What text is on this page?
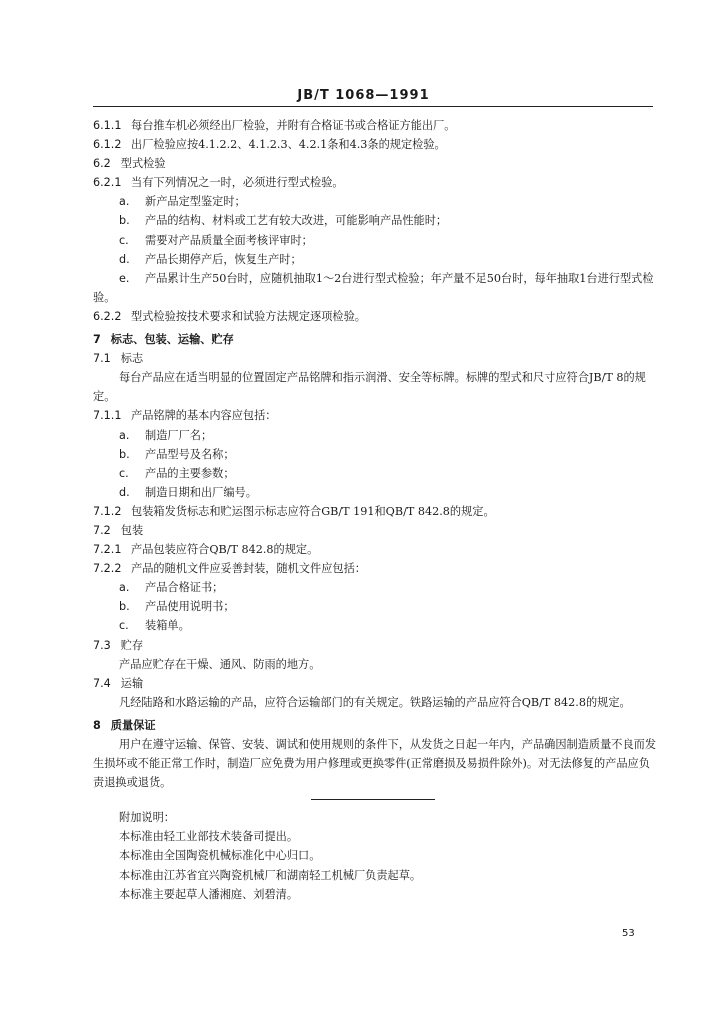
JB/T 1068—1991
6.1.1 每台推车机必须经出厂检验，并附有合格证书或合格证方能出厂。
6.1.2 出厂检验应按4.1.2.2、4.1.2.3、4.2.1条和4.3条的规定检验。
6.2 型式检验
6.2.1 当有下列情况之一时，必须进行型式检验。
a. 新产品定型鉴定时；
b. 产品的结构、材料或工艺有较大改进，可能影响产品性能时；
c. 需要对产品质量全面考核评审时；
d. 产品长期停产后，恢复生产时；
e. 产品累计生产50台时，应随机抽取1～2台进行型式检验；年产量不足50台时，每年抽取1台进行型式检验。
6.2.2 型式检验按技术要求和试验方法规定逐项检验。
7 标志、包装、运输、贮存
7.1 标志
每台产品应在适当明显的位置固定产品铭牌和指示润滑、安全等标牌。标牌的型式和尺寸应符合JB/T 8的规定。
7.1.1 产品铭牌的基本内容应包括：
a. 制造厂厂名；
b. 产品型号及名称；
c. 产品的主要参数；
d. 制造日期和出厂编号。
7.1.2 包装箱发货标志和贮运图示标志应符合GB/T 191和QB/T 842.8的规定。
7.2 包装
7.2.1 产品包装应符合QB/T 842.8的规定。
7.2.2 产品的随机文件应妥善封装，随机文件应包括：
a. 产品合格证书；
b. 产品使用说明书；
c. 装箱单。
7.3 贮存
产品应贮存在干燥、通风、防雨的地方。
7.4 运输
凡经陆路和水路运输的产品，应符合运输部门的有关规定。铁路运输的产品应符合QB/T 842.8的规定。
8 质量保证
用户在遵守运输、保管、安装、调试和使用规则的条件下，从发货之日起一年内，产品确因制造质量不良而发生损坏或不能正常工作时，制造厂应免费为用户修理或更换零件(正常磨损及易损件除外)。对无法修复的产品应负责退换或退货。
附加说明：
本标准由轻工业部技术装备司提出。
本标准由全国陶瓷机械标准化中心归口。
本标准由江苏省宜兴陶瓷机械厂和湖南轻工机械厂负责起草。
本标准主要起草人潘湘庭、刘碧清。
53
